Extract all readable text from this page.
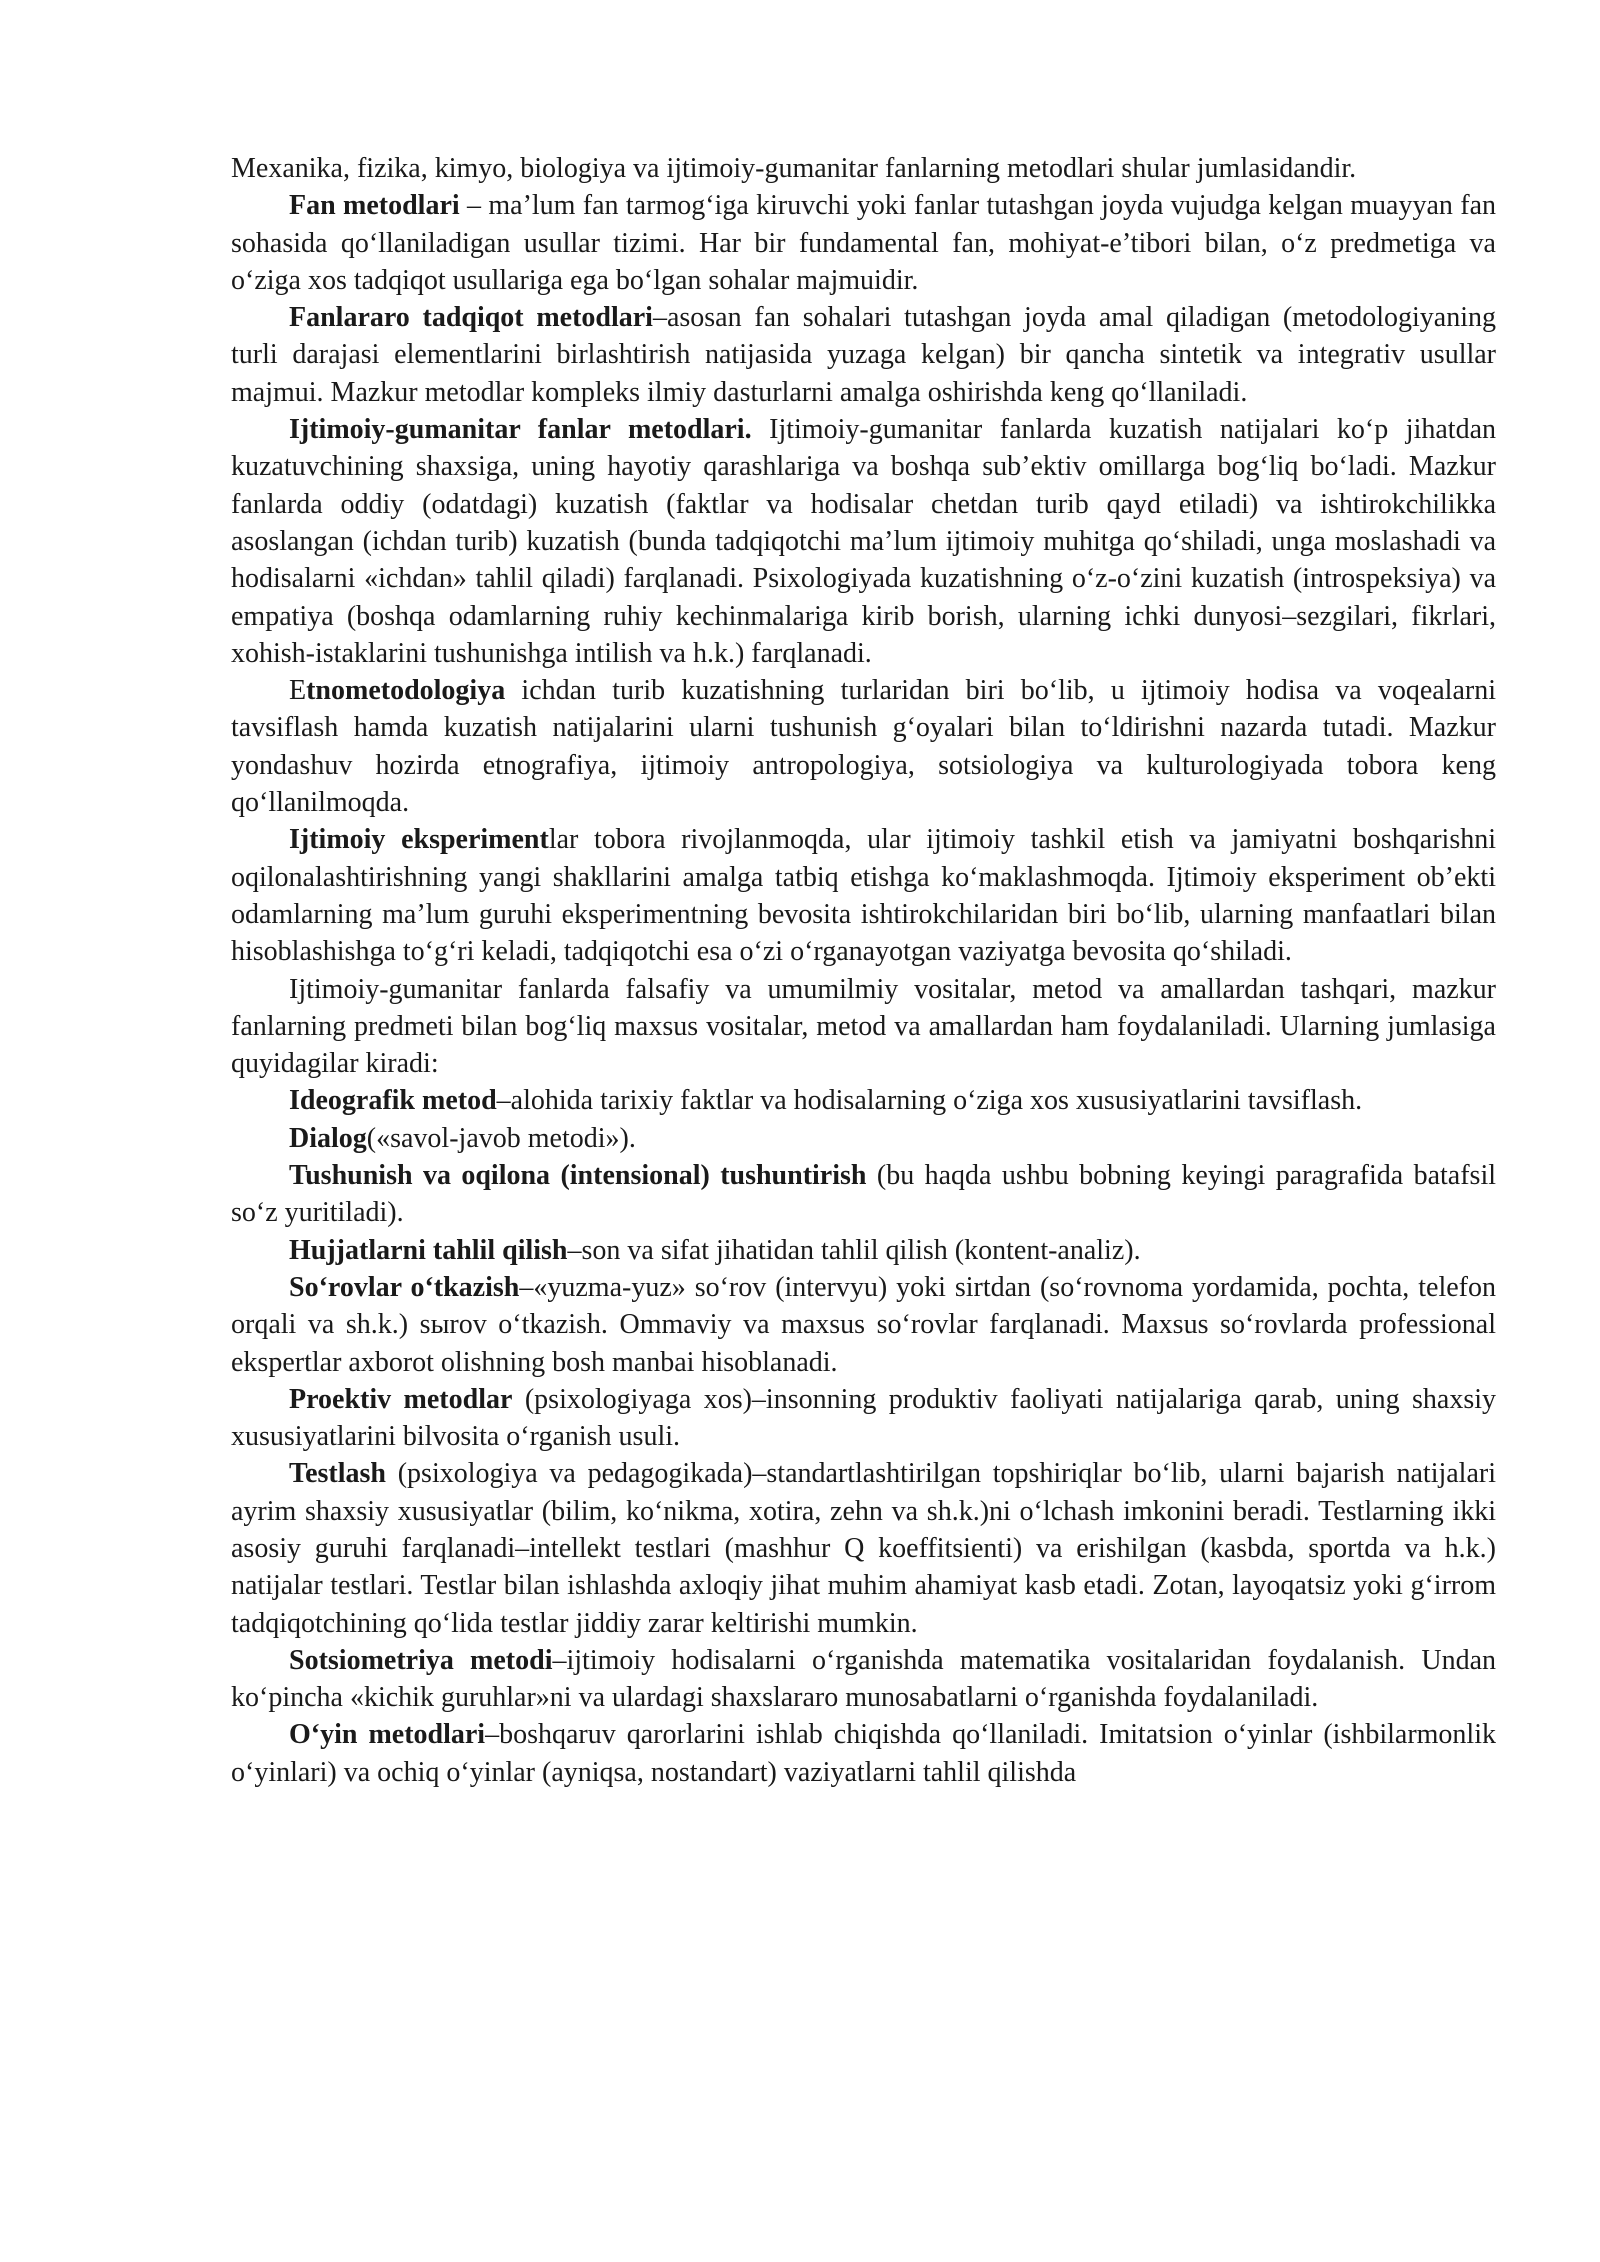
Mexanika, fizika, kimyo, biologiya va ijtimoiy-gumanitar fanlarning metodlari shular jumlasidandir.

Fan metodlari – ma’lum fan tarmog‘iga kiruvchi yoki fanlar tutashgan joyda vujudga kelgan muayyan fan sohasida qo‘llaniladigan usullar tizimi. Har bir fundamental fan, mohiyat-e’tibori bilan, o‘z predmetiga va o‘ziga xos tadqiqot usullariga ega bo‘lgan sohalar majmuidir.

Fanlararo tadqiqot metodlari–asosan fan sohalari tutashgan joyda amal qiladigan (metodologiyaning turli darajasi elementlarini birlashtirish natijasida yuzaga kelgan) bir qancha sintetik va integrativ usullar majmui. Mazkur metodlar kompleks ilmiy dasturlarni amalga oshirishda keng qo‘llaniladi.

Ijtimoiy-gumanitar fanlar metodlari. Ijtimoiy-gumanitar fanlarda kuzatish natijalari ko‘p jihatdan kuzatuvchining shaxsiga, uning hayotiy qarashlariga va boshqa sub’ektiv omillarga bog‘liq bo‘ladi. Mazkur fanlarda oddiy (odatdagi) kuzatish (faktlar va hodisalar chetdan turib qayd etiladi) va ishtirokchilikka asoslangan (ichdan turib) kuzatish (bunda tadqiqotchi ma’lum ijtimoiy muhitga qo‘shiladi, unga moslashadi va hodisalarni «ichdan» tahlil qiladi) farqlanadi. Psixologiyada kuzatishning o‘z-o‘zini kuzatish (introspeksiya) va empatiya (boshqa odamlarning ruhiy kechinmalariga kirib borish, ularning ichki dunyosi–sezgilari, fikrlari, xohish-istaklarini tushunishga intilish va h.k.) farqlanadi.

Etnometodologiya ichdan turib kuzatishning turlaridan biri bo‘lib, u ijtimoiy hodisa va voqealarni tavsiflash hamda kuzatish natijalarini ularni tushunish g‘oyalari bilan to‘ldirishni nazarda tutadi. Mazkur yondashuv hozirda etnografiya, ijtimoiy antropologiya, sotsiologiya va kulturologiyada tobora keng qo‘llanilmoqda.

Ijtimoiy eksperimentlar tobora rivojlanmoqda, ular ijtimoiy tashkil etish va jamiyatni boshqarishni oqilonalashtirishning yangi shakllarini amalga tatbiq etishga ko‘maklashmoqda. Ijtimoiy eksperiment ob’ekti odamlarning ma’lum guruhi eksperimentning bevosita ishtirokchilaridan biri bo‘lib, ularning manfaatlari bilan hisoblashishga to‘g‘ri keladi, tadqiqotchi esa o‘zi o‘rganayotgan vaziyatga bevosita qo‘shiladi.

Ijtimoiy-gumanitar fanlarda falsafiy va umumilmiy vositalar, metod va amallardan tashqari, mazkur fanlarning predmeti bilan bog‘liq maxsus vositalar, metod va amallardan ham foydalaniladi. Ularning jumlasiga quyidagilar kiradi:

Ideografik metod–alohida tarixiy faktlar va hodisalarning o‘ziga xos xususiyatlarini tavsiflash.

Dialog(«savol-javob metodi»).

Tushunish va oqilona (intensional) tushuntirish (bu haqda ushbu bobning keyingi paragrafida batafsil so‘z yuritiladi).

Hujjatlarni tahlil qilish–son va sifat jihatidan tahlil qilish (kontent-analiz).

So‘rovlar o‘tkazish–«yuzma-yuz» so‘rov (intervyu) yoki sirtdan (so‘rovnoma yordamida, pochta, telefon orqali va sh.k.) sыrov o‘tkazish. Ommaviy va maxsus so‘rovlar farqlanadi. Maxsus so‘rovlarda professional ekspertlar axborot olishning bosh manbai hisoblanadi.

Proektiv metodlar (psixologiyaga xos)–insonning produktiv faoliyati natijalariga qarab, uning shaxsiy xususiyatlarini bilvosita o‘rganish usuli.

Testlash (psixologiya va pedagogikada)–standartlashtirilgan topshiriqlar bo‘lib, ularni bajarish natijalari ayrim shaxsiy xususiyatlar (bilim, ko‘nikma, xotira, zehn va sh.k.)ni o‘lchash imkonini beradi. Testlarning ikki asosiy guruhi farqlanadi–intellekt testlari (mashhur Q koeffitsienti) va erishilgan (kasbda, sportda va h.k.) natijalar testlari. Testlar bilan ishlashda axloqiy jihat muhim ahamiyat kasb etadi. Zotan, layoqatsiz yoki g‘irrom tadqiqotchining qo‘lida testlar jiddiy zarar keltirishi mumkin.

Sotsiometriya metodi–ijtimoiy hodisalarni o‘rganishda matematika vositalaridan foydalanish. Undan ko‘pincha «kichik guruhlar»ni va ulardagi shaxslararo munosabatlarni o‘rganishda foydalaniladi.

O‘yin metodlari–boshqaruv qarorlarini ishlab chiqishda qo‘llaniladi. Imitatsion o‘yinlar (ishbilarmonlik o‘yinlari) va ochiq o‘yinlar (ayniqsa, nostandart) vaziyatlarni tahlil qilishda
